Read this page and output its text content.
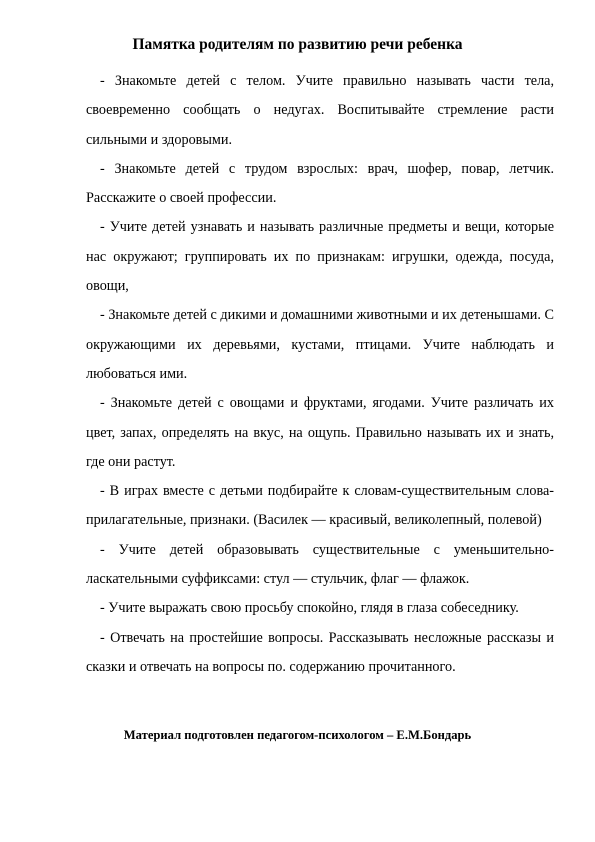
Памятка родителям по развитию речи ребенка

- Знакомьте детей с телом. Учите правильно называть части тела, своевременно сообщать о недугах. Воспитывайте стремление расти сильными и здоровыми.

- Знакомьте детей с трудом взрослых: врач, шофер, повар, летчик. Расскажите о своей профессии.

- Учите детей узнавать и называть различные предметы и вещи, которые нас окружают; группировать их по признакам: игрушки, одежда, посуда, овощи,

- Знакомьте детей с дикими и домашними животными и их детенышами. С окружающими их деревьями, кустами, птицами. Учите наблюдать и любоваться ими.

- Знакомьте детей с овощами и фруктами, ягодами. Учите различать их цвет, запах, определять на вкус, на ощупь. Правильно называть их и знать, где они растут.

- В играх вместе с детьми подбирайте к словам-существительным слова-прилагательные, признаки. (Василек — красивый, великолепный, полевой)

- Учите детей образовывать существительные с уменьшительно-ласкательными суффиксами: стул — стульчик, флаг — флажок.

- Учите выражать свою просьбу спокойно, глядя в глаза собеседнику.

- Отвечать на простейшие вопросы. Рассказывать несложные рассказы и сказки и отвечать на вопросы по. содержанию прочитанного.

Материал подготовлен педагогом-психологом – Е.М.Бондарь
